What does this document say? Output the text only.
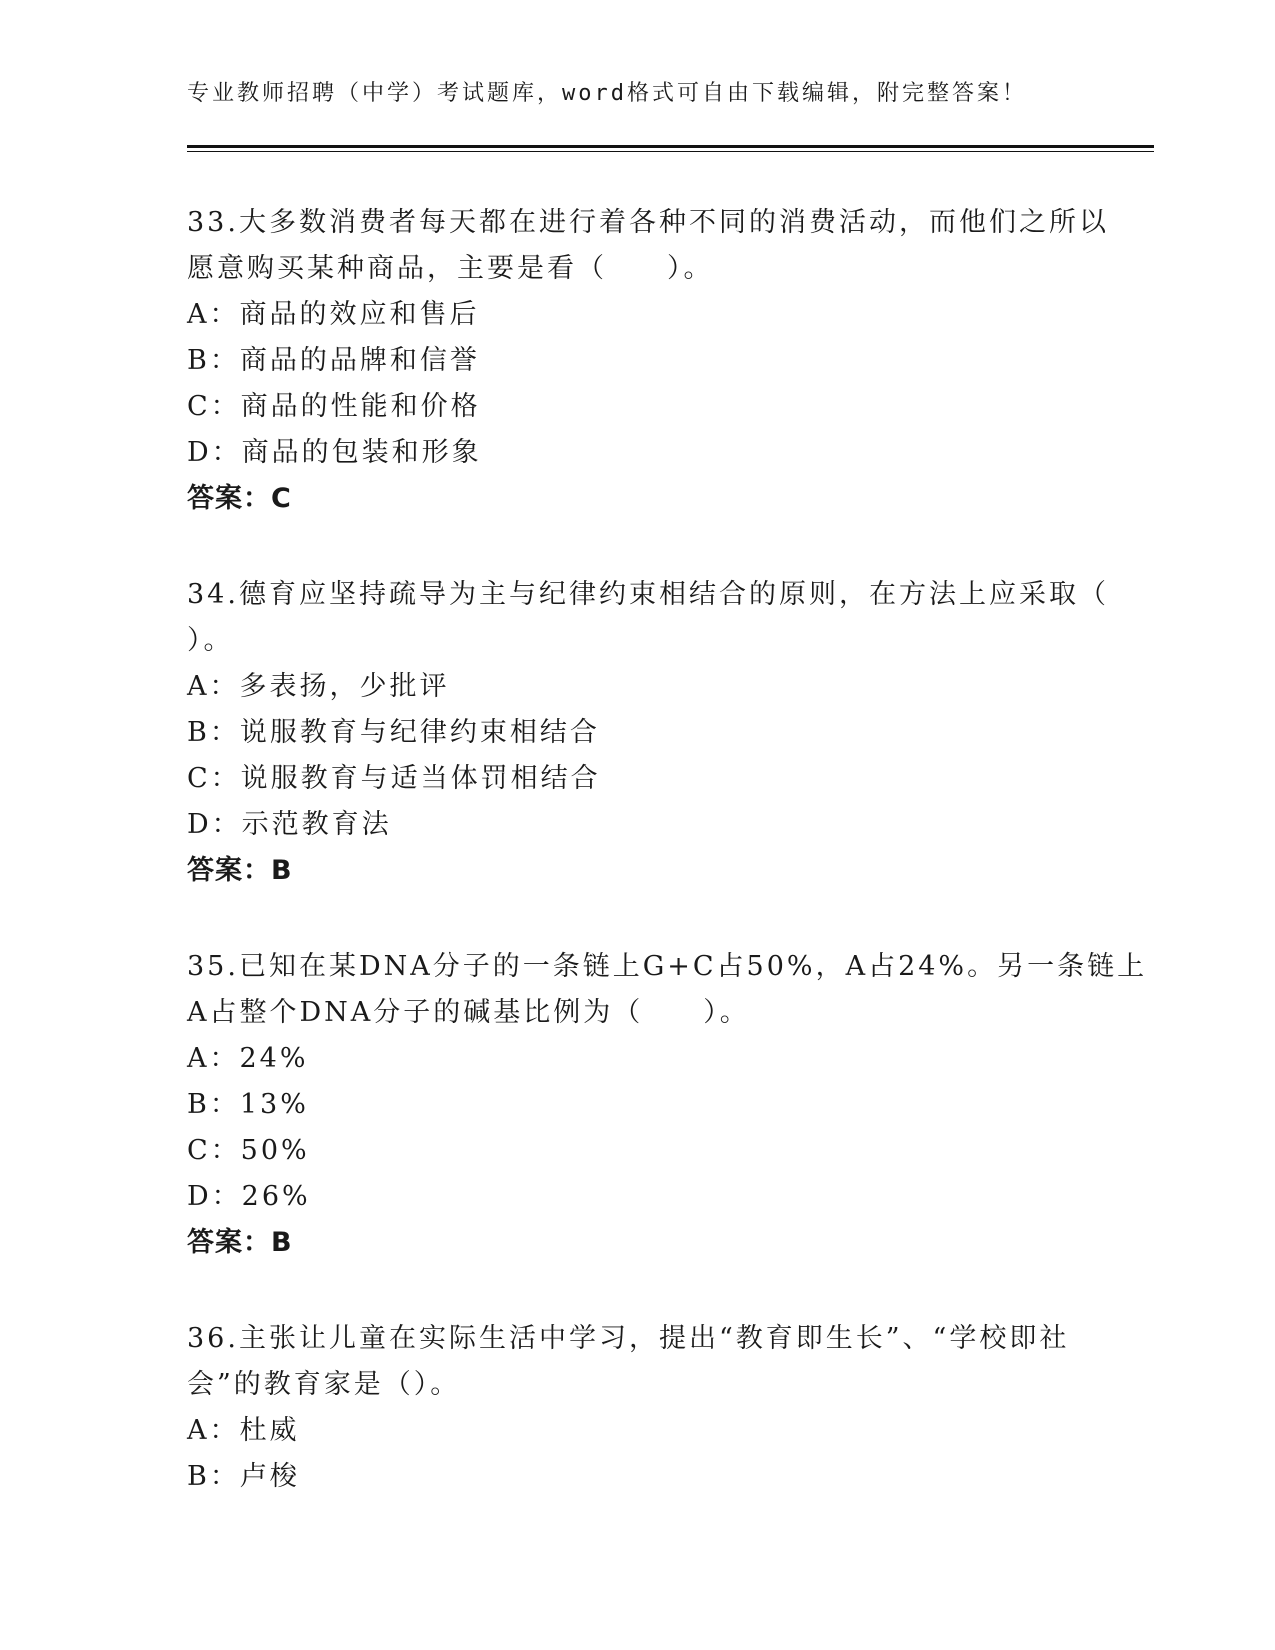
专业教师招聘（中学）考试题库，word格式可自由下载编辑，附完整答案！
33.大多数消费者每天都在进行着各种不同的消费活动，而他们之所以
愿意购买某种商品，主要是看（　　）。
A：商品的效应和售后
B：商品的品牌和信誉
C：商品的性能和价格
D：商品的包装和形象
答案：C
34.德育应坚持疏导为主与纪律约束相结合的原则，在方法上应采取（
）。
A：多表扬，少批评
B：说服教育与纪律约束相结合
C：说服教育与适当体罚相结合
D：示范教育法
答案：B
35.已知在某DNA分子的一条链上G+C占50%，A占24%。另一条链上
A占整个DNA分子的碱基比例为（　　）。
A：24%
B：13%
C：50%
D：26%
答案：B
36.主张让儿童在实际生活中学习，提出“教育即生长”、“学校即社
会”的教育家是（）。
A：杜威
B：卢梭
